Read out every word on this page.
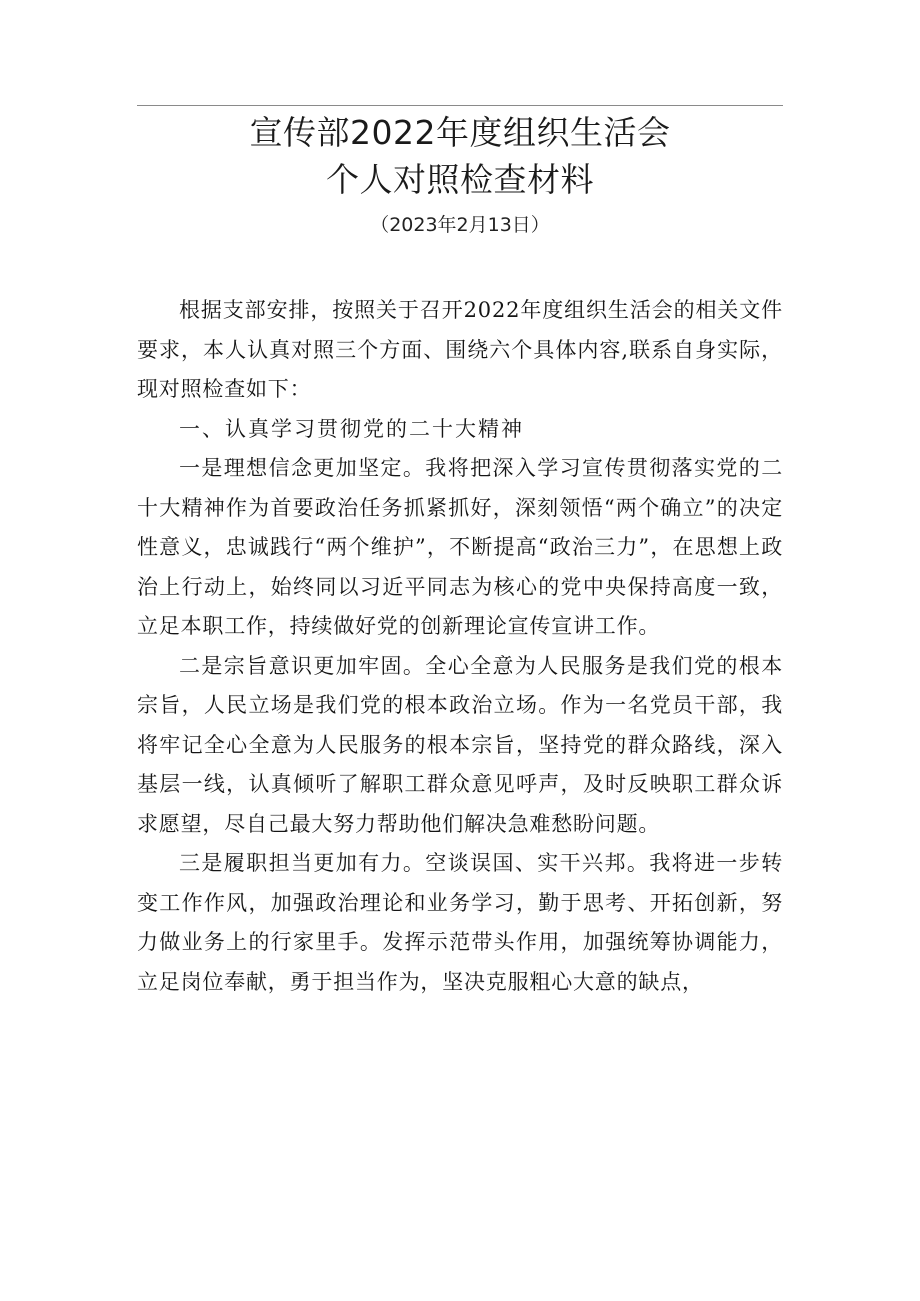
宣传部2022年度组织生活会
个人对照检查材料
（2023年2月13日）

根据支部安排，按照关于召开2022年度组织生活会的相关文件要求，本人认真对照三个方面、围绕六个具体内容,联系自身实际，现对照检查如下：

一、认真学习贯彻党的二十大精神

一是理想信念更加坚定。我将把深入学习宣传贯彻落实党的二十大精神作为首要政治任务抓紧抓好，深刻领悟“两个确立”的决定性意义，忠诚践行“两个维护”，不断提高“政治三力”，在思想上政治上行动上，始终同以习近平同志为核心的党中央保持高度一致，立足本职工作，持续做好党的创新理论宣传宣讲工作。

二是宗旨意识更加牢固。全心全意为人民服务是我们党的根本宗旨，人民立场是我们党的根本政治立场。作为一名党员干部，我将牢记全心全意为人民服务的根本宗旨，坚持党的群众路线，深入基层一线，认真倾听了解职工群众意见呼声，及时反映职工群众诉求愿望，尽自己最大努力帮助他们解决急难愁盼问题。

三是履职担当更加有力。空谈误国、实干兴邦。我将进一步转变工作作风，加强政治理论和业务学习，勤于思考、开拓创新，努力做业务上的行家里手。发挥示范带头作用，加强统筹协调能力，立足岗位奉献，勇于担当作为，坚决克服粗心大意的缺点，
